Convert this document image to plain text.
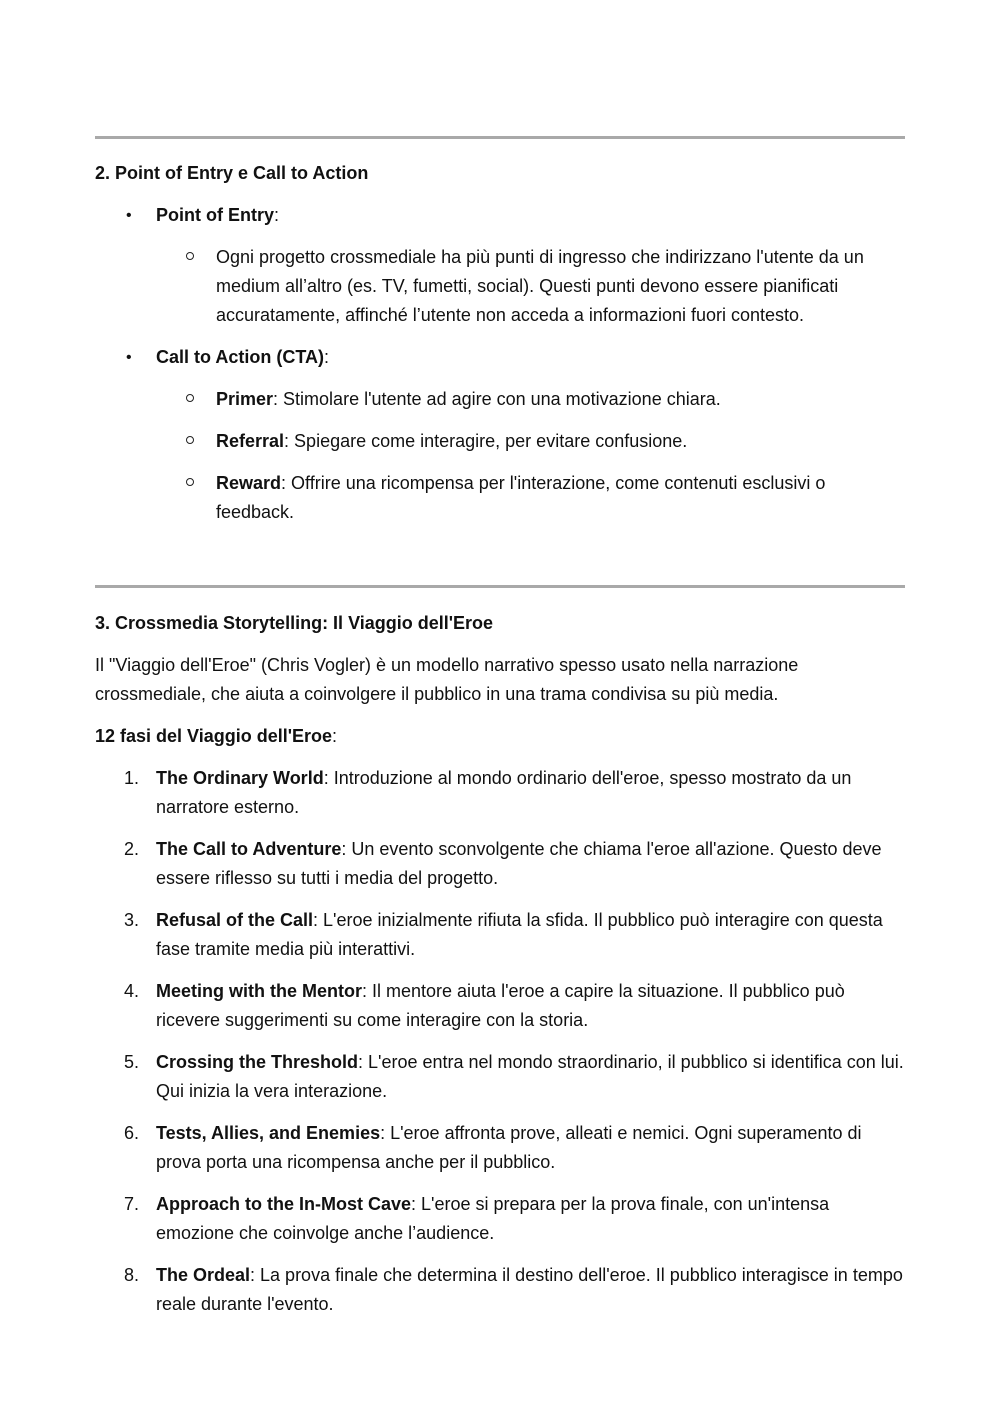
2. Point of Entry e Call to Action
• Point of Entry:
Ogni progetto crossmediale ha più punti di ingresso che indirizzano l'utente da un medium all’altro (es. TV, fumetti, social). Questi punti devono essere pianificati accuratamente, affinché l’utente non acceda a informazioni fuori contesto.
• Call to Action (CTA):
Primer: Stimolare l'utente ad agire con una motivazione chiara.
Referral: Spiegare come interagire, per evitare confusione.
Reward: Offrire una ricompensa per l'interazione, come contenuti esclusivi o feedback.
3. Crossmedia Storytelling: Il Viaggio dell'Eroe

Il "Viaggio dell'Eroe" (Chris Vogler) è un modello narrativo spesso usato nella narrazione crossmediale, che aiuta a coinvolgere il pubblico in una trama condivisa su più media.

12 fasi del Viaggio dell'Eroe:

1. The Ordinary World: Introduzione al mondo ordinario dell'eroe, spesso mostrato da un narratore esterno.
2. The Call to Adventure: Un evento sconvolgente che chiama l'eroe all'azione. Questo deve essere riflesso su tutti i media del progetto.
3. Refusal of the Call: L'eroe inizialmente rifiuta la sfida. Il pubblico può interagire con questa fase tramite media più interattivi.
4. Meeting with the Mentor: Il mentore aiuta l'eroe a capire la situazione. Il pubblico può ricevere suggerimenti su come interagire con la storia.
5. Crossing the Threshold: L'eroe entra nel mondo straordinario, il pubblico si identifica con lui. Qui inizia la vera interazione.
6. Tests, Allies, and Enemies: L'eroe affronta prove, alleati e nemici. Ogni superamento di prova porta una ricompensa anche per il pubblico.
7. Approach to the In-Most Cave: L'eroe si prepara per la prova finale, con un'intensa emozione che coinvolge anche l’audience.
8. The Ordeal: La prova finale che determina il destino dell'eroe. Il pubblico interagisce in tempo reale durante l'evento.
